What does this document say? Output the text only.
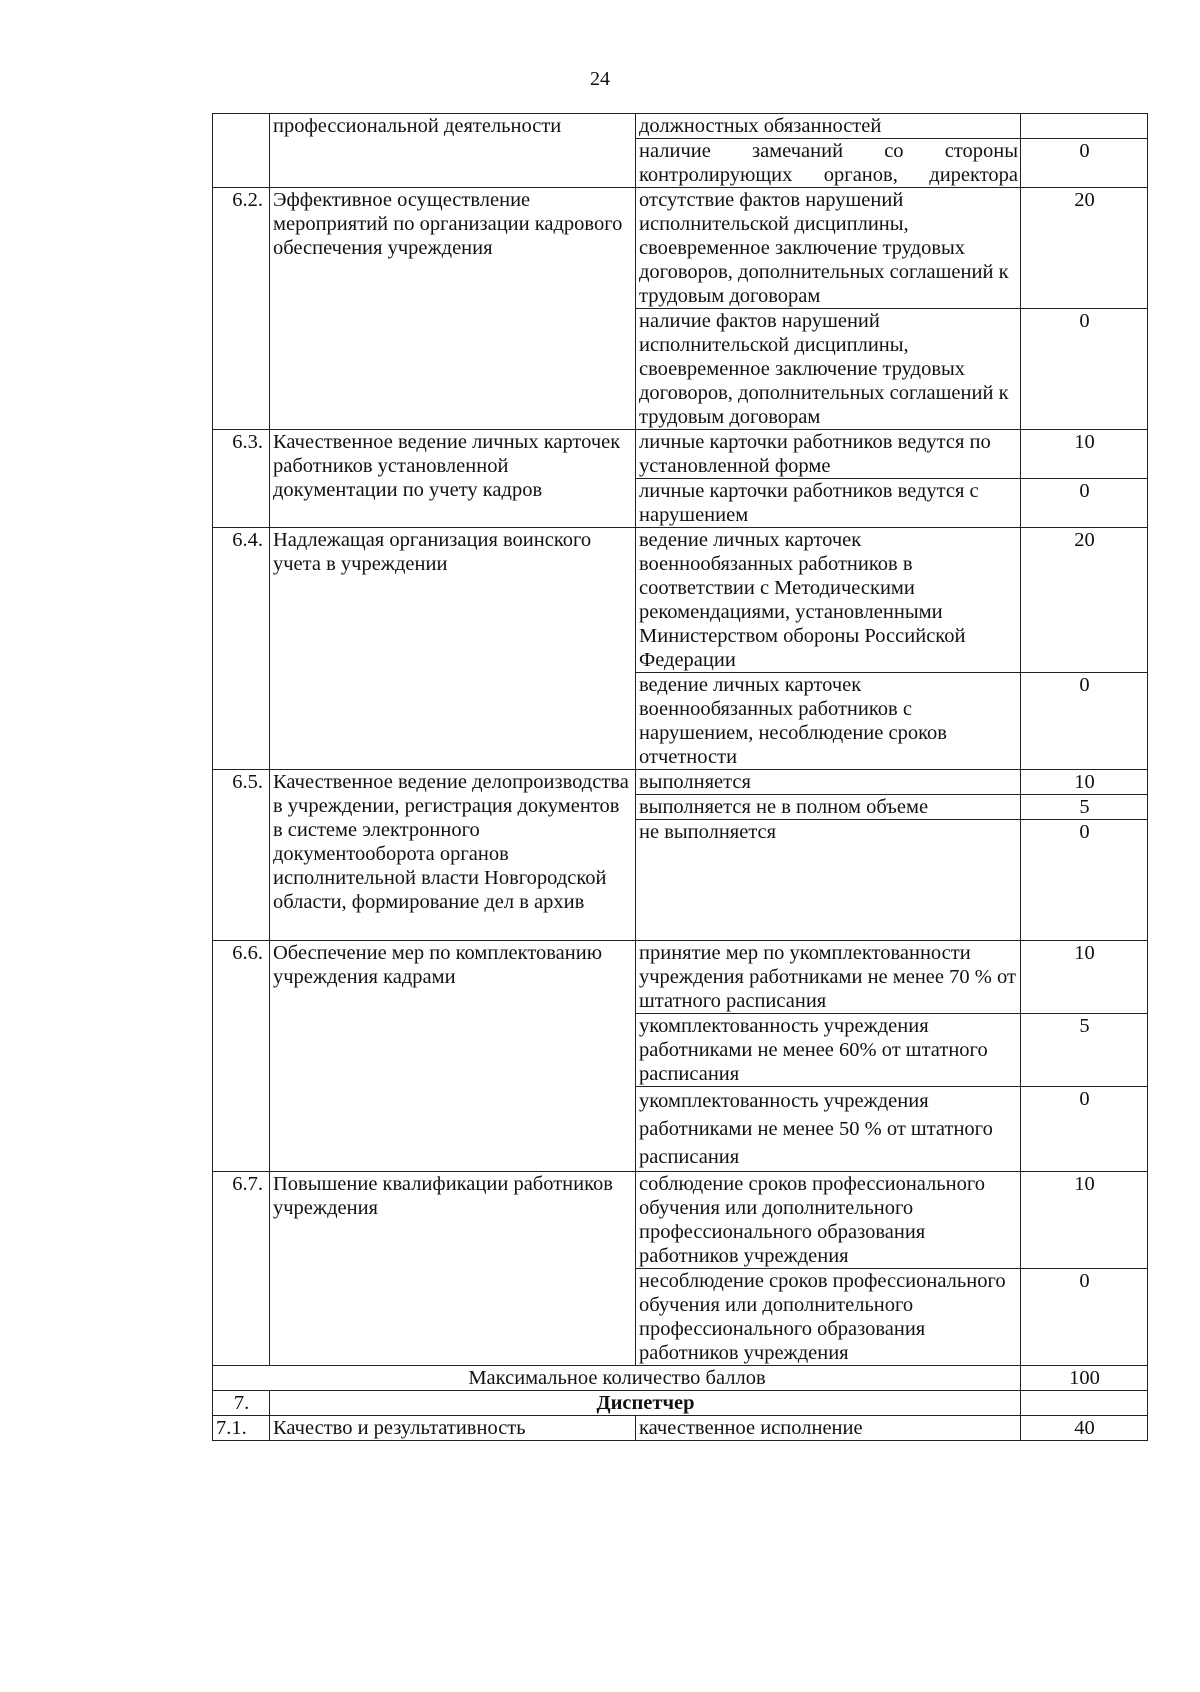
24
	профессиональной деятельности	должностных обязанностей	
		наличие замечаний со стороны контролирующих органов, директора	0
6.2.	Эффективное осуществление мероприятий по организации кадрового обеспечения учреждения	отсутствие фактов нарушений исполнительской дисциплины, своевременное заключение трудовых договоров, дополнительных соглашений к трудовым договорам	20
		наличие фактов нарушений исполнительской дисциплины, своевременное заключение трудовых договоров, дополнительных соглашений к трудовым договорам	0
6.3.	Качественное ведение личных карточек работников установленной документации по учету кадров	личные карточки работников ведутся по установленной форме	10
		личные карточки работников ведутся с нарушением	0
6.4.	Надлежащая организация воинского учета в учреждении	ведение личных карточек военнообязанных работников в соответствии с Методическими рекомендациями, установленными Министерством обороны Российской Федерации	20
		ведение личных карточек военнообязанных работников с нарушением, несоблюдение сроков отчетности	0
6.5.	Качественное ведение делопроизводства в учреждении, регистрация документов в системе электронного документооборота органов исполнительной власти Новгородской области, формирование дел в архив	выполняется	10
		выполняется не в полном объеме	5
		не выполняется	0
6.6.	Обеспечение мер по комплектованию учреждения кадрами	принятие мер по укомплектованности учреждения работниками не менее 70 % от штатного расписания	10
		укомплектованность учреждения работниками не менее 60% от штатного расписания	5
		укомплектованность учреждения работниками не менее 50 % от штатного расписания	0
6.7.	Повышение квалификации работников учреждения	соблюдение сроков профессионального обучения или дополнительного профессионального образования работников учреждения	10
		несоблюдение сроков профессионального обучения или дополнительного профессионального образования работников учреждения	0
Максимальное количество баллов			100
7.	Диспетчер		
7.1.	Качество и результативность	качественное исполнение	40
